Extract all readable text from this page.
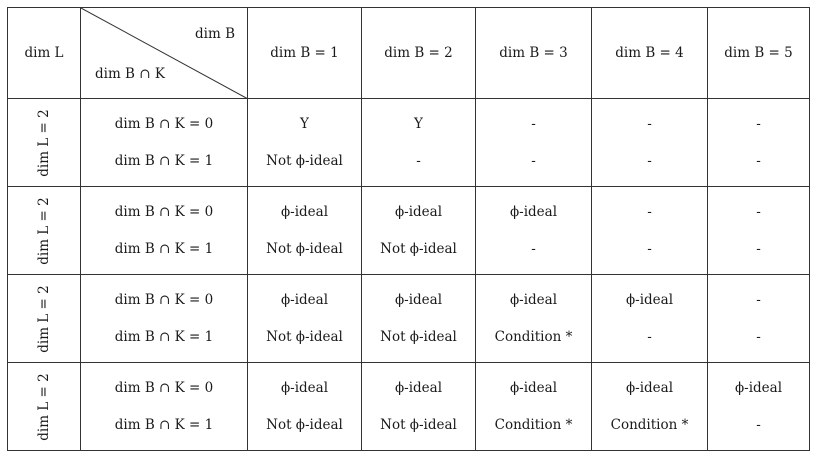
dim L	dim B
dim B ∩ K	dim B = 1	dim B = 2	dim B = 3	dim B = 4	dim B = 5

dim L = 2	dim B ∩ K = 0	Y	Y	-	-	-
	dim B ∩ K = 1	Not ϕ-ideal	-	-	-	-

dim L = 2	dim B ∩ K = 0	ϕ-ideal	ϕ-ideal	ϕ-ideal	-	-
	dim B ∩ K = 1	Not ϕ-ideal	Not ϕ-ideal	-	-	-

dim L = 2	dim B ∩ K = 0	ϕ-ideal	ϕ-ideal	ϕ-ideal	ϕ-ideal	-
	dim B ∩ K = 1	Not ϕ-ideal	Not ϕ-ideal	Condition *	-	-

dim L = 2	dim B ∩ K = 0	ϕ-ideal	ϕ-ideal	ϕ-ideal	ϕ-ideal	ϕ-ideal
	dim B ∩ K = 1	Not ϕ-ideal	Not ϕ-ideal	Condition *	Condition *	-
